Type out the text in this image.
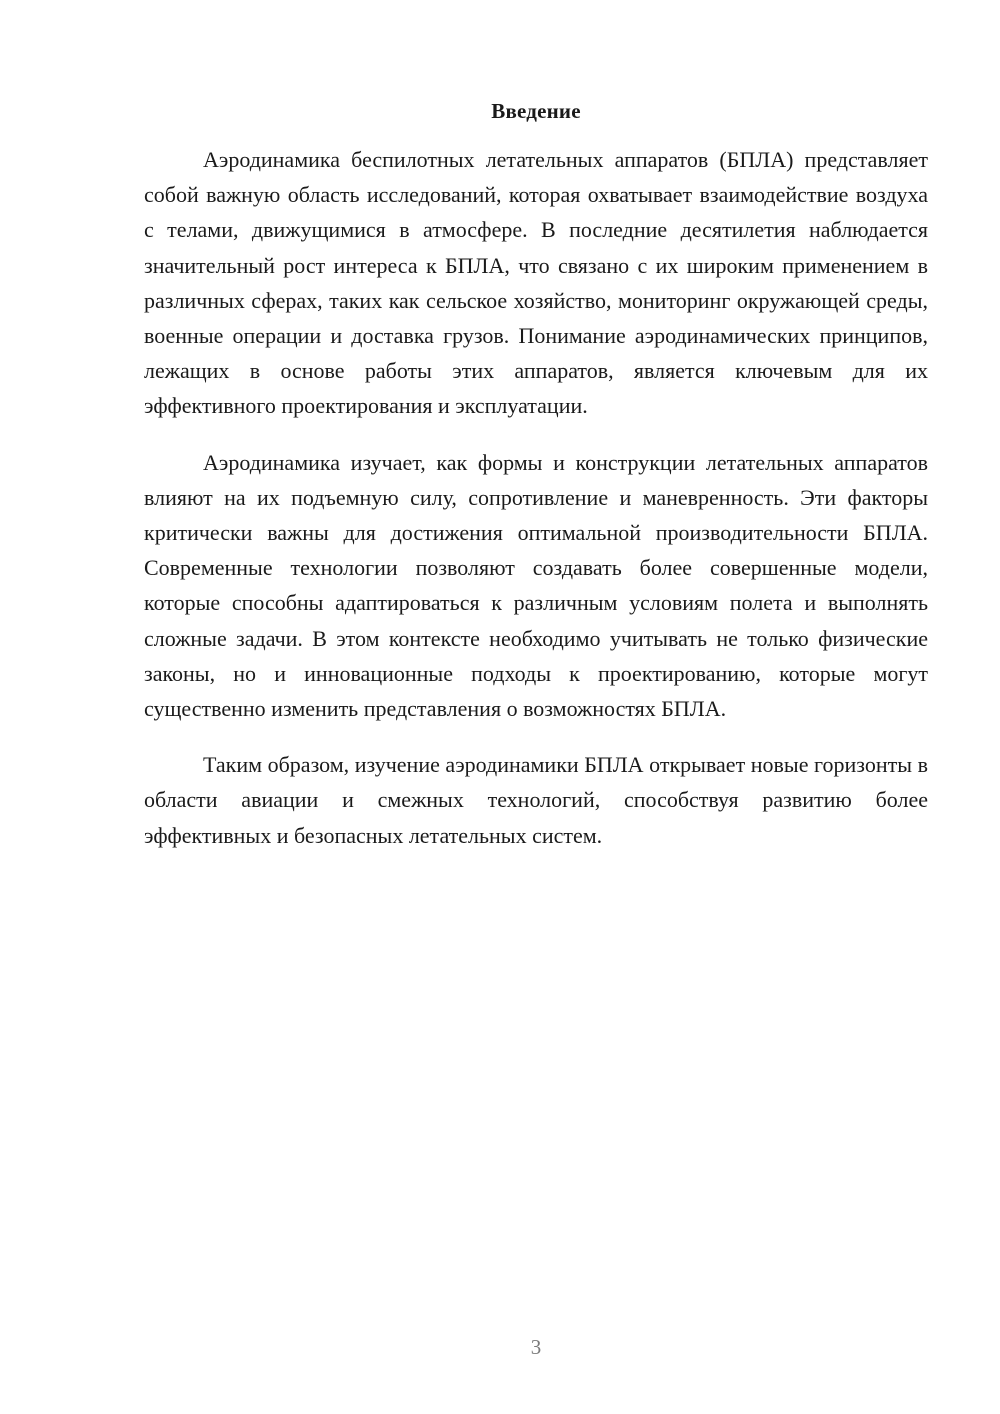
Введение

Аэродинамика беспилотных летательных аппаратов (БПЛА) представляет собой важную область исследований, которая охватывает взаимодействие воздуха с телами, движущимися в атмосфере. В последние десятилетия наблюдается значительный рост интереса к БПЛА, что связано с их широким применением в различных сферах, таких как сельское хозяйство, мониторинг окружающей среды, военные операции и доставка грузов. Понимание аэродинамических принципов, лежащих в основе работы этих аппаратов, является ключевым для их эффективного проектирования и эксплуатации.

Аэродинамика изучает, как формы и конструкции летательных аппаратов влияют на их подъемную силу, сопротивление и маневренность. Эти факторы критически важны для достижения оптимальной производительности БПЛА. Современные технологии позволяют создавать более совершенные модели, которые способны адаптироваться к различным условиям полета и выполнять сложные задачи. В этом контексте необходимо учитывать не только физические законы, но и инновационные подходы к проектированию, которые могут существенно изменить представления о возможностях БПЛА.

Таким образом, изучение аэродинамики БПЛА открывает новые горизонты в области авиации и смежных технологий, способствуя развитию более эффективных и безопасных летательных систем.

3
